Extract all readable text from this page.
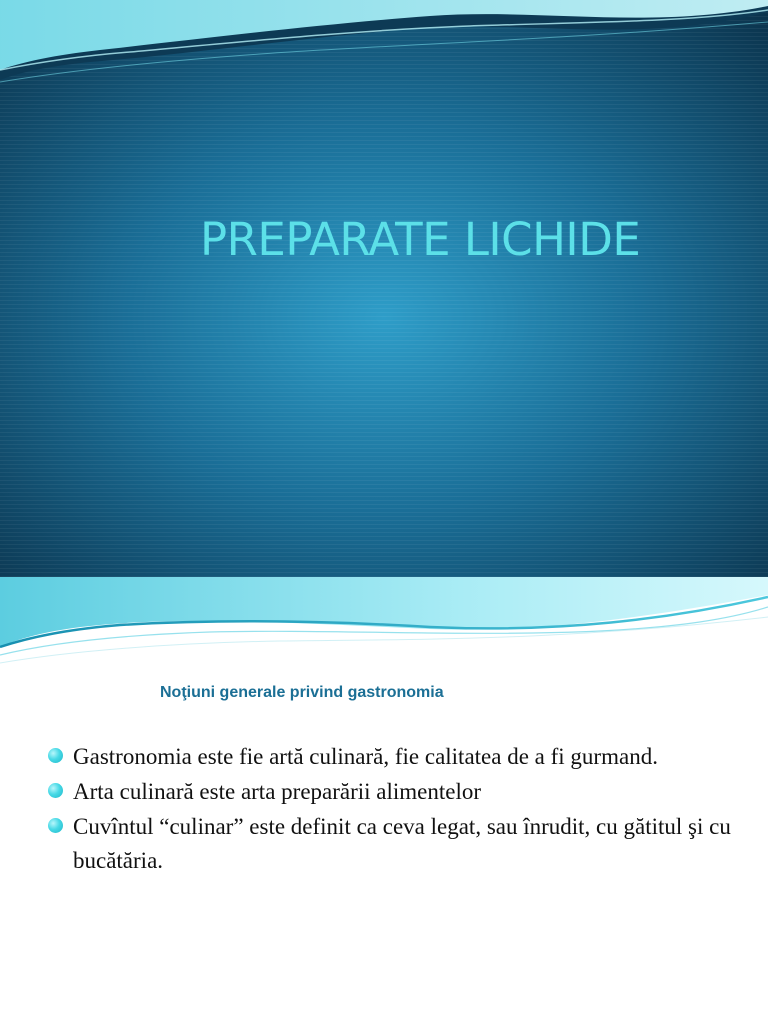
PREPARATE LICHIDE
Noţiuni generale privind gastronomia
Gastronomia este fie artă culinară, fie calitatea de a fi gurmand.
Arta culinară este arta preparării alimentelor
Cuvîntul “culinar” este definit ca ceva legat, sau înrudit, cu gătitul şi cu bucătăria.
